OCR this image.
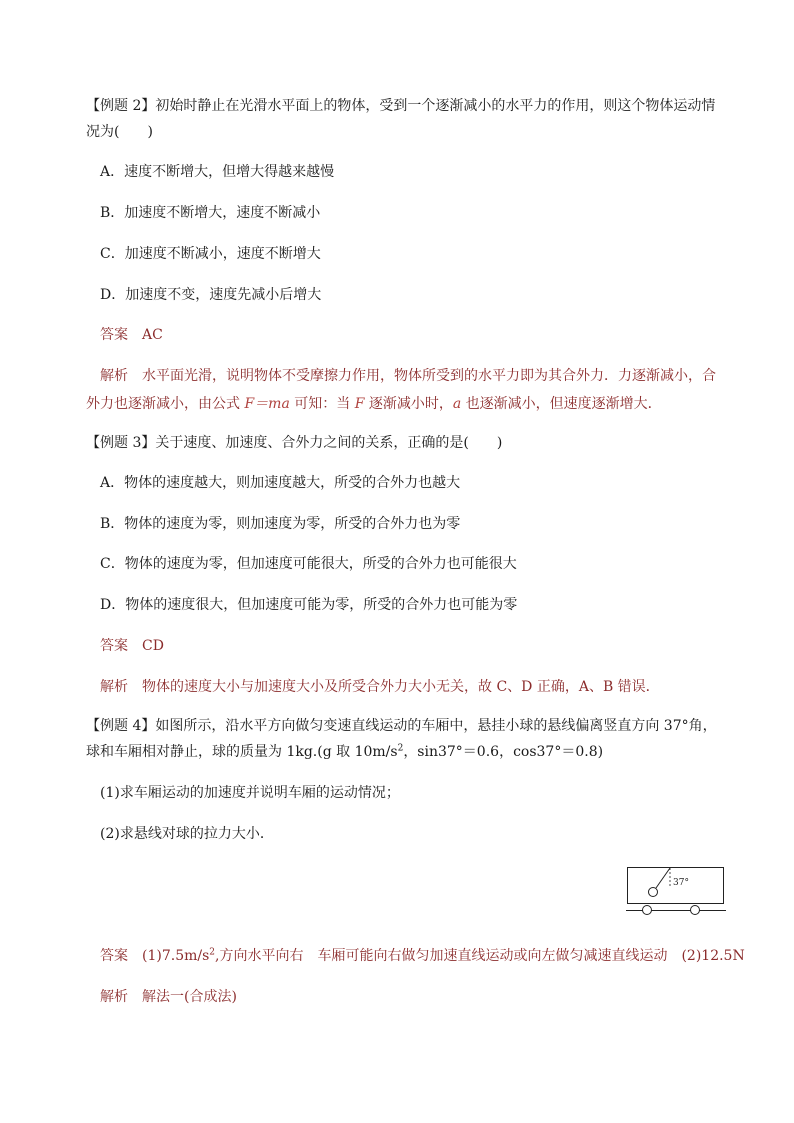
【例题 2】初始时静止在光滑水平面上的物体，受到一个逐渐减小的水平力的作用，则这个物体运动情
况为(　　)
A．速度不断增大，但增大得越来越慢
B．加速度不断增大，速度不断减小
C．加速度不断减小，速度不断增大
D．加速度不变，速度先减小后增大
答案 AC
解析 水平面光滑，说明物体不受摩擦力作用，物体所受到的水平力即为其合外力．力逐渐减小，合
外力也逐渐减小，由公式 F＝ma 可知：当 F 逐渐减小时，a 也逐渐减小，但速度逐渐增大．
【例题 3】关于速度、加速度、合外力之间的关系，正确的是(　　)
A．物体的速度越大，则加速度越大，所受的合外力也越大
B．物体的速度为零，则加速度为零，所受的合外力也为零
C．物体的速度为零，但加速度可能很大，所受的合外力也可能很大
D．物体的速度很大，但加速度可能为零，所受的合外力也可能为零
答案 CD
解析 物体的速度大小与加速度大小及所受合外力大小无关，故 C、D 正确，A、B 错误．
【例题 4】如图所示，沿水平方向做匀变速直线运动的车厢中，悬挂小球的悬线偏离竖直方向 37°角，
球和车厢相对静止，球的质量为 1kg.(g 取 $10m/s^2$，sin37°＝0.6，cos37°＝0.8)
(1)求车厢运动的加速度并说明车厢的运动情况；
(2)求悬线对球的拉力大小．
37°
答案 $(1)7.5m/s^2$,方向水平向右　车厢可能向右做匀加速直线运动或向左做匀减速直线运动　(2)12.5N
解析 解法一(合成法)
